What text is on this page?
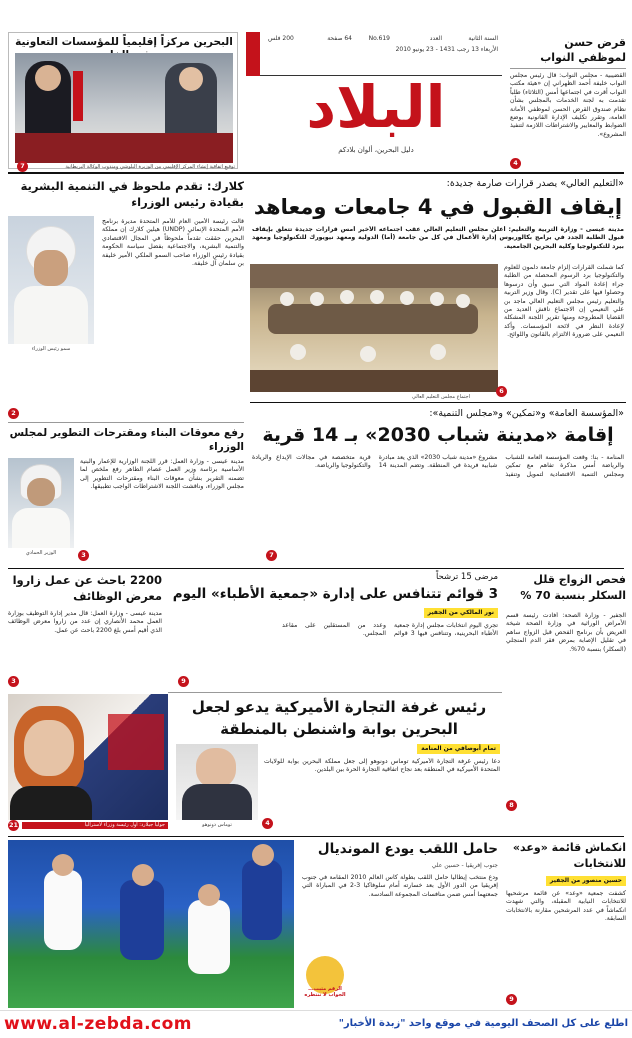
البحرين مركزاً إقليمياً للمؤسسات التعاونية
توقيع اتفاقية إنشاء المركز الإقليمي بين الوزيرة البلوشي ومندوب الوكالة البريطانية
7
العدد	السنة الثانية
No.619
الأربعاء 13 رجب 1431 - 23 يونيو 2010
64 صفحة
200 فلس
البلاد
دليل البحرين، ألوان بلادكم
قرض حسن
لموظفي النواب
القضيبية - مجلس النواب: قال رئيس مجلس النواب خليفة أحمد الظهراني إن «هيئة مكتب النواب أقرت في اجتماعها أمس (الثلاثاء) طلباً تقدمت به لجنة الخدمات بالمجلس بشأن نظام صندوق القرض الحسن لموظفي الأمانة العامة، وتقرر تكليف الإدارة القانونية بوضع الضوابط والمعايير والاشتراطات اللازمة لتنفيذ المشروع».
4
كلارك: تقدم ملحوظ في التنمية البشرية بقيادة رئيس الوزراء
سمو رئيس الوزراء
قالت رئيسة الأمين العام للأمم المتحدة مديرة برنامج الأمم المتحدة الإنمائي (UNDP) هيلين كلارك إن مملكة البحرين حققت تقدماً ملحوظاً في المجال الاقتصادي والتنمية البشرية، والاجتماعية بفضل سياسة الحكومة بقيادة رئيس الوزراء صاحب السمو الملكي الأمير خليفة بن سلمان آل خليفة.
2
«التعليم العالي» يصدر قرارات صارمة جديدة:
إيقاف القبول في 4 جامعات ومعاهد
مدينة عيسى - وزارة التربية والتعليم: أعلن مجلس التعليم العالي عقب اجتماعه الأخير أمس قرارات جديدة تتعلق بإيقاف قبول الطلبة الجدد في برامج بكالوريوس إدارة الأعمال في كل من جامعة (أما) الدولية ومعهد نيويورك للتكنولوجيا ومعهد بيرد للتكنولوجيا وكلية البحرين الجامعية.
اجتماع مجلس التعليم العالي
كما شملت القرارات إلزام جامعة دلمون للعلوم والتكنولوجيا برد الرسوم المحصلة من الطلبة جراء إعادة المواد التي سبق وأن درسوها وحصلوا فيها على تقدير (C). وقال وزير التربية والتعليم رئيس مجلس التعليم العالي ماجد بن علي النعيمي إن الاجتماع ناقش العديد من القضايا المطروحة ومنها تقرير اللجنة المشكلة لإعادة النظر في لائحة المؤسسات. وأكد النعيمي على ضرورة الالتزام بالقانون واللوائح.
6
رفع معوقات البناء ومقترحات التطوير لمجلس الوزراء
الوزير الحمادي
مدينة عيسى - وزارة العمل: قرر اللجنة الوزارية للإعمار والبنية الأساسية برئاسة وزير العمل عصام الطاهر رفع ملخص لما تضمنه التقرير بشأن معوقات البناء ومقترحات التطوير إلى مجلس الوزراء، وناقشت اللجنة الاشتراطات الواجب تطبيقها.
3
«المؤسسة العامة» و«تمكين» و«مجلس التنمية»:
إقامة «مدينة شباب 2030» بـ 14 قرية
المنامة - بنا: وقعت المؤسسة العامة للشباب والرياضة أمس مذكرة تفاهم مع تمكين ومجلس التنمية الاقتصادية لتمويل وتنفيذ مشروع «مدينة شباب 2030» الذي يعد مبادرة شبابية فريدة في المنطقة. وتضم المدينة 14 قرية متخصصة في مجالات الإبداع والريادة والتكنولوجيا والرياضة.
7
2200 باحث عن عمل زاروا معرض الوظائف
مدينة عيسى - وزارة العمل: قال مدير إدارة التوظيف بوزارة العمل محمد الأنصاري إن عدد من زاروا معرض الوظائف الذي أقيم أمس بلغ 2200 باحث عن عمل.
3
مرضى 15 ترشحاً
3 قوائم تتنافس على إدارة «جمعية الأطباء» اليوم
نور المالكي من الجفير
تجري اليوم انتخابات مجلس إدارة جمعية الأطباء البحرينية، وتتنافس فيها 3 قوائم وعدد من المستقلين على مقاعد المجلس.
9
فحص الزواج قلل السكلر بنسبة 70 %
الجفير - وزارة الصحة: أفادت رئيسة قسم الأمراض الوراثية في وزارة الصحة شيخة العريض بأن برنامج الفحص قبل الزواج ساهم في تقليل الإصابة بمرض فقر الدم المنجلي (السكلر) بنسبة 70%.
8
جوليا جيلارد: أول رئيسة وزراء لأستراليا
21
رئيس غرفة التجارة الأميركية يدعو لجعل البحرين بوابة واشنطن بالمنطقة
تمام أبوصافي من المنامة
دعا رئيس غرفة التجارة الأميركية توماس دونوهو إلى جعل مملكة البحرين بوابة للولايات المتحدة الأميركية في المنطقة بعد نجاح اتفاقية التجارة الحرة بين البلدين.
توماس دونوهو	4
حامل اللقب يودع المونديال
جنوب إفريقيا - حسين علي
ودع منتخب إيطاليا حامل اللقب بطولة كأس العالم 2010 المقامة في جنوب إفريقيا من الدور الأول بعد خسارته أمام سلوفاكيا 3-2 في المباراة التي جمعتهما أمس ضمن منافسات المجموعة السادسة.
الرقم مثبت... الجواب لا تنتظره
انكماش قائمة «وعد» للانتخابات
حسين منصور من الجفير
كشفت جمعية «وعد» عن قائمة مرشحيها للانتخابات النيابية المقبلة، والتي شهدت انكماشاً في عدد المرشحين مقارنة بالانتخابات السابقة.
9
www.al-zebda.com	اطلع على كل الصحف اليومية في موقع واحد "زبدة الأخبار"
